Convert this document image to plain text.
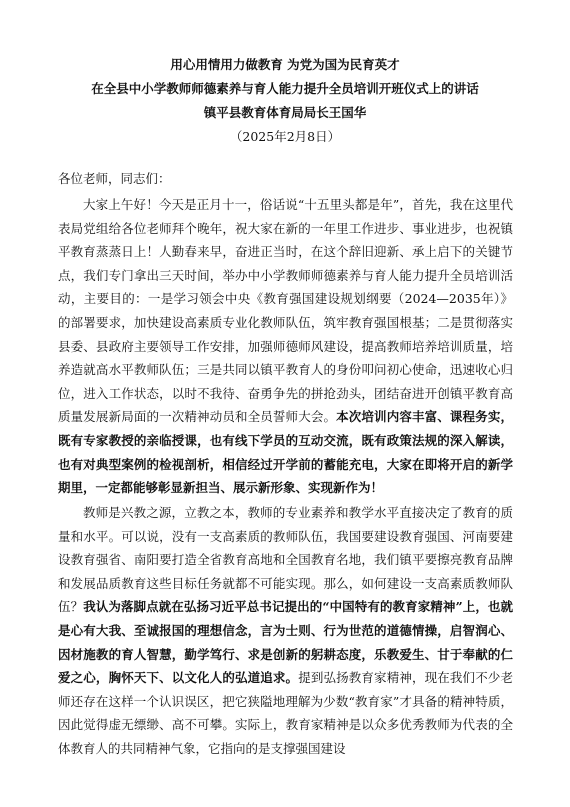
用心用情用力做教育 为党为国为民育英才
在全县中小学教师师德素养与育人能力提升全员培训开班仪式上的讲话
镇平县教育体育局局长王国华
（2025年2月8日）
各位老师，同志们：

大家上午好！今天是正月十一，俗话说“十五里头都是年”，首先，我在这里代表局党组给各位老师拜个晚年，祝大家在新的一年里工作进步、事业进步，也祝镇平教育蒸蒸日上！人勤春来早，奋进正当时，在这个辞旧迎新、承上启下的关键节点，我们专门拿出三天时间，举办中小学教师师德素养与育人能力提升全员培训活动，主要目的：一是学习领会中央《教育强国建设规划纲要（2024—2035年）》的部署要求，加快建设高素质专业化教师队伍，筑牢教育强国根基；二是贯彻落实县委、县政府主要领导工作安排，加强师德师风建设，提高教师培养培训质量，培养造就高水平教师队伍；三是共同以镇平教育人的身份叩问初心使命，迅速收心归位，进入工作状态，以时不我待、奋勇争先的拼抢劲头，团结奋进开创镇平教育高质量发展新局面的一次精神动员和全员誓师大会。本次培训内容丰富、课程务实，既有专家教授的亲临授课，也有线下学员的互动交流，既有政策法规的深入解读，也有对典型案例的检视剖析，相信经过开学前的蓄能充电，大家在即将开启的新学期里，一定都能够彰显新担当、展示新形象、实现新作为！

教师是兴教之源，立教之本，教师的专业素养和教学水平直接决定了教育的质量和水平。可以说，没有一支高素质的教师队伍，我国要建设教育强国、河南要建设教育强省、南阳要打造全省教育高地和全国教育名地，我们镇平要擦亮教育品牌和发展品质教育这些目标任务就都不可能实现。那么，如何建设一支高素质教师队伍？我认为落脚点就在弘扬习近平总书记提出的“中国特有的教育家精神”上，也就是心有大我、至诚报国的理想信念，言为士则、行为世范的道德情操，启智润心、因材施教的育人智慧，勤学笃行、求是创新的躬耕态度，乐教爱生、甘于奉献的仁爱之心，胸怀天下、以文化人的弘道追求。提到弘扬教育家精神，现在我们不少老师还存在这样一个认识误区，把它狭隘地理解为少数“教育家”才具备的精神特质，因此觉得虚无缥缈、高不可攀。实际上，教育家精神是以众多优秀教师为代表的全体教育人的共同精神气象，它指向的是支撑强国建设
